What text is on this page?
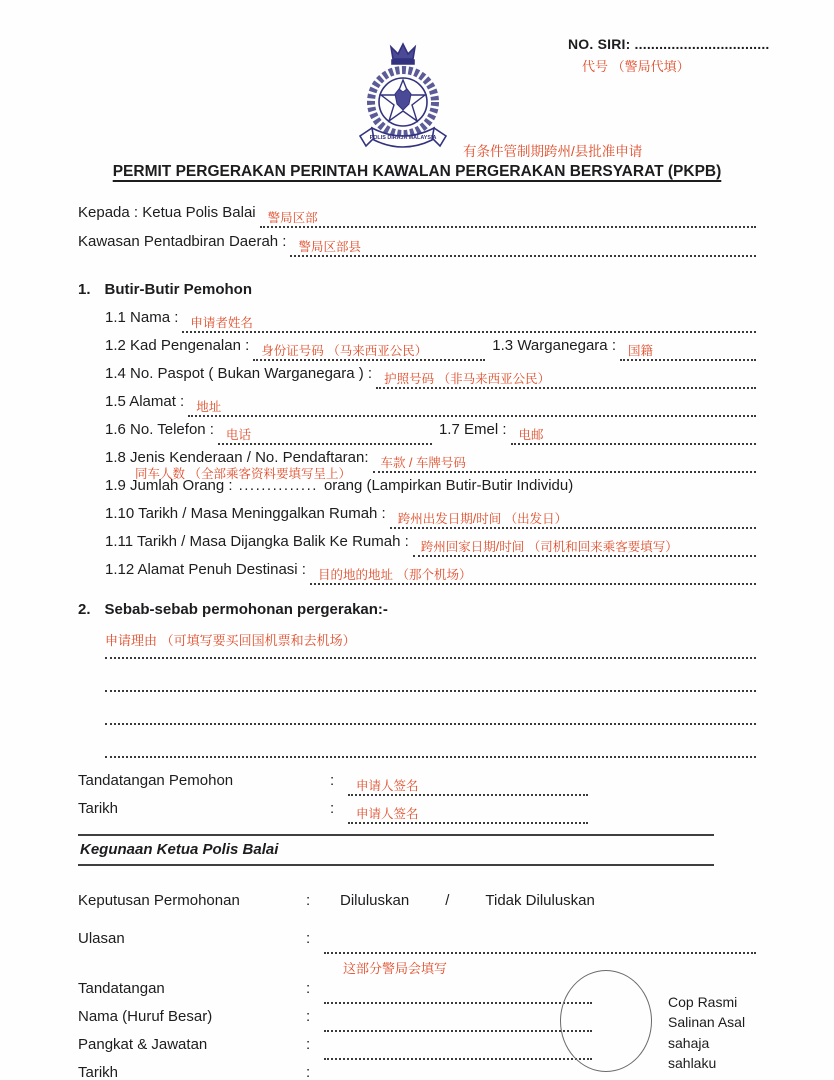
POLIS DIRAJA MALAYSIA
NO. SIRI: .................................
代号 （警局代填）
有条件管制期跨州/县批准申请
PERMIT PERGERAKAN PERINTAH KAWALAN PERGERAKAN BERSYARAT (PKPB)
Kepada : Ketua Polis Balai 警局区部
Kawasan Pentadbiran Daerah : 警局区部县
1. Butir-Butir Pemohon
1.1 Nama : 申请者姓名
1.2 Kad Pengenalan : 身份证号码 （马来西亚公民）	1.3 Warganegara : 国籍
1.4 No. Paspot ( Bukan Warganegara ) : 护照号码 （非马来西亚公民）
1.5 Alamat : 地址
1.6 No. Telefon : 电话	1.7 Emel : 电邮
1.8 Jenis Kenderaan / No. Pendaftaran: 车款 / 车牌号码
同车人数 （全部乘客资料要填写呈上）
1.9 Jumlah Orang : .............. orang (Lampirkan Butir-Butir Individu)
1.10 Tarikh / Masa Meninggalkan Rumah : 跨州出发日期/时间 （出发日）
1.11 Tarikh / Masa Dijangka Balik Ke Rumah : 跨州回家日期/时间 （司机和回来乘客要填写）
1.12 Alamat Penuh Destinasi : 目的地的地址 （那个机场）
2. Sebab-sebab permohonan pergerakan:-
申请理由 （可填写要买回国机票和去机场）
Tandatangan Pemohon	:	申请人签名
Tarikh	:	申请人签名
Kegunaan Ketua Polis Balai
Keputusan Permohonan	:	Diluluskan / Tidak Diluluskan
Ulasan	:
这部分警局会填写
Tandatangan	:
Nama (Huruf Besar)	:
Pangkat & Jawatan	:
Tarikh	:
Cop Rasmi
Salinan Asal sahaja
sahlaku
